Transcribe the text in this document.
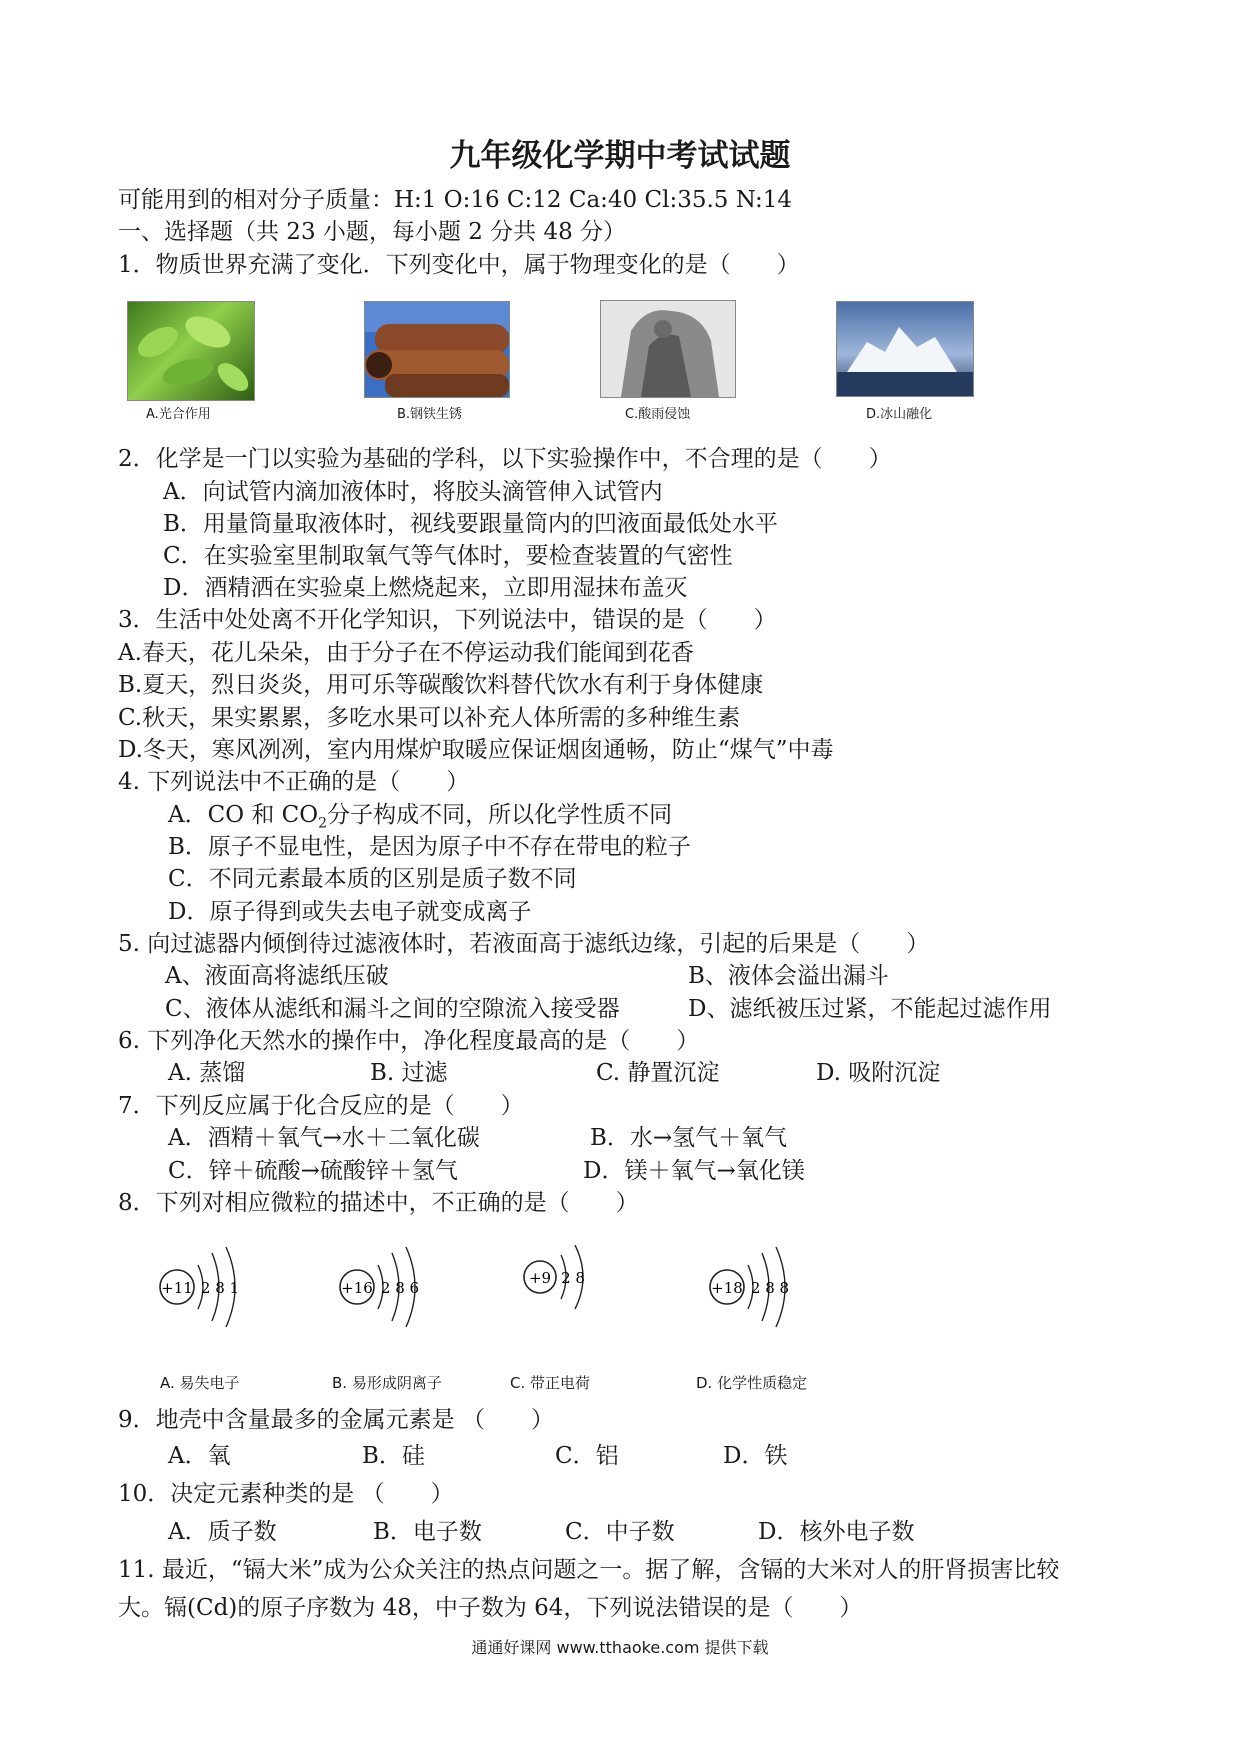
九年级化学期中考试试题
可能用到的相对分子质量：H:1 O:16 C:12 Ca:40 Cl:35.5 N:14
一、选择题（共 23 小题，每小题 2 分共 48 分）
1．物质世界充满了变化．下列变化中，属于物理变化的是（　　）
A.光合作用	B.钢铁生锈	C.酸雨侵蚀	D.冰山融化
2．化学是一门以实验为基础的学科，以下实验操作中，不合理的是（　　）
A．向试管内滴加液体时，将胶头滴管伸入试管内
B．用量筒量取液体时，视线要跟量筒内的凹液面最低处水平
C．在实验室里制取氧气等气体时，要检查装置的气密性
D．酒精洒在实验桌上燃烧起来，立即用湿抹布盖灭
3．生活中处处离不开化学知识，下列说法中，错误的是（　　）
A.春天，花儿朵朵，由于分子在不停运动我们能闻到花香
B.夏天，烈日炎炎，用可乐等碳酸饮料替代饮水有利于身体健康
C.秋天，果实累累，多吃水果可以补充人体所需的多种维生素
D.冬天，寒风冽冽，室内用煤炉取暖应保证烟囱通畅，防止“煤气”中毒
4. 下列说法中不正确的是（　　）
A．CO 和 $CO_2$分子构成不同，所以化学性质不同
B．原子不显电性，是因为原子中不存在带电的粒子
C．不同元素最本质的区别是质子数不同
D．原子得到或失去电子就变成离子
5. 向过滤器内倾倒待过滤液体时，若液面高于滤纸边缘，引起的后果是（　　）
A、液面高将滤纸压破	B、液体会溢出漏斗
C、液体从滤纸和漏斗之间的空隙流入接受器	D、滤纸被压过紧，不能起过滤作用
6. 下列净化天然水的操作中，净化程度最高的是（　　）
A. 蒸馏	B. 过滤	C. 静置沉淀	D. 吸附沉淀
7．下列反应属于化合反应的是（　　）
A．酒精＋氧气→水＋二氧化碳	B．水→氢气＋氧气
C．锌＋硫酸→硫酸锌＋氢气	D．镁＋氧气→氧化镁
8．下列对相应微粒的描述中，不正确的是（　　）
+11 2 8 1
A. 易失电子
+16 2 8 6
B. 易形成阴离子
+9 2 8
C. 带正电荷
+18 2 8 8
D. 化学性质稳定
9．地壳中含量最多的金属元素是 （　　）
A．氧	B．硅	C．铝	D．铁
10．决定元素种类的是 （　　）
A．质子数	B．电子数	C．中子数	D．核外电子数
11. 最近，“镉大米”成为公众关注的热点问题之一。据了解，含镉的大米对人的肝肾损害比较
大。镉(Cd)的原子序数为 48，中子数为 64，下列说法错误的是（　　）
通通好课网 www.tthaoke.com 提供下载
